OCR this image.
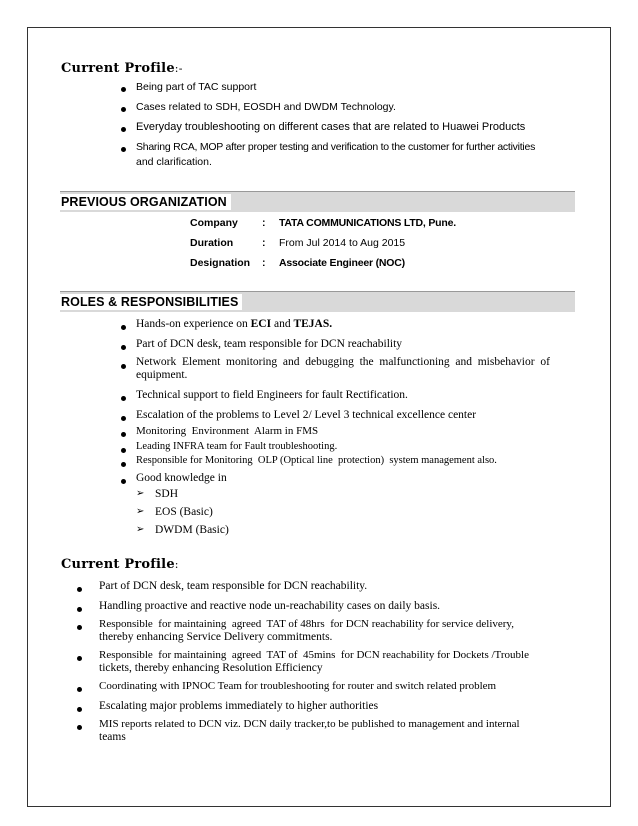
Current Profile:-
Being part of TAC support
Cases related to SDH, EOSDH and DWDM Technology.
Everyday troubleshooting on different cases that are related to Huawei Products
Sharing RCA, MOP after proper testing and verification to the customer for further activities
and clarification.
PREVIOUS ORGANIZATION
Company : TATA COMMUNICATIONS LTD, Pune.
Duration	: From Jul 2014 to Aug 2015
Designation : Associate Engineer (NOC)
ROLES & RESPONSIBILITIES
Hands-on experience on ECI and TEJAS.
Part of DCN desk, team responsible for DCN reachability
Network  Element  monitoring  and  debugging  the  malfunctioning  and  misbehavior  of
equipment.
Technical support to field Engineers for fault Rectification.
Escalation of the problems to Level 2/ Level 3 technical excellence center
Monitoring  Environment  Alarm in FMS
Leading INFRA team for Fault troubleshooting.
Responsible for Monitoring  OLP (Optical line  protection)  system management also.
Good knowledge in
➢ SDH
➢ EOS (Basic)
➢ DWDM (Basic)
Current Profile:
Part of DCN desk, team responsible for DCN reachability.
Handling proactive and reactive node un-reachability cases on daily basis.
Responsible  for maintaining  agreed  TAT of 48hrs  for DCN reachability for service delivery,
thereby enhancing Service Delivery commitments.
Responsible  for maintaining  agreed  TAT of  45mins  for DCN reachability for Dockets /Trouble
tickets, thereby enhancing Resolution Efficiency
Coordinating with IPNOC Team for troubleshooting for router and switch related problem
Escalating major problems immediately to higher authorities
MIS reports related to DCN viz. DCN daily tracker,to be published to management and internal
teams
